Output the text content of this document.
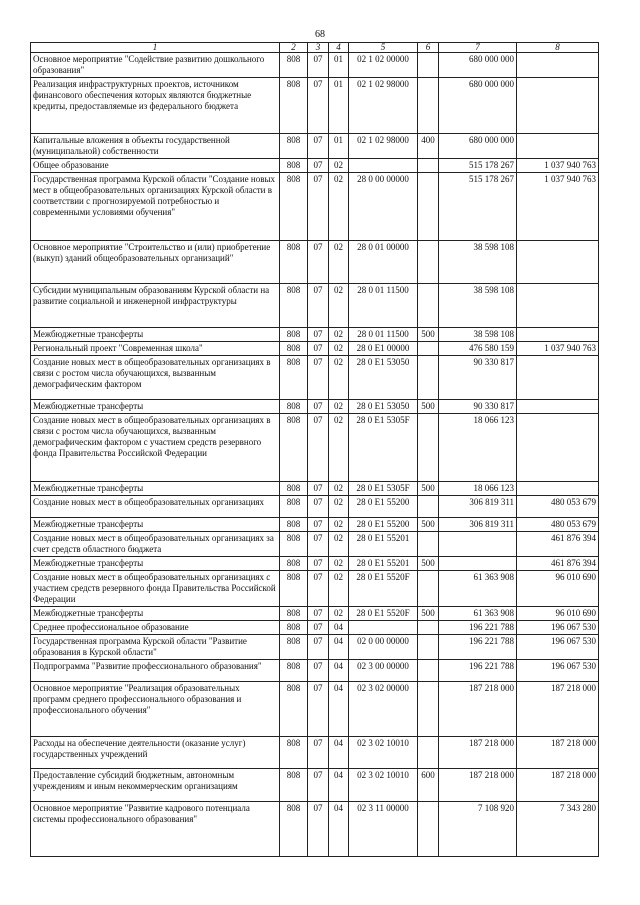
68
1	2	3	4	5	6	7	8
Основное мероприятие "Содействие развитию дошкольного образования"	808	07	01	02 1 02 00000		680 000 000	
Реализация инфраструктурных проектов, источником финансового обеспечения которых являются бюджетные кредиты, предоставляемые из федерального бюджета	808	07	01	02 1 02 98000		680 000 000	
Капитальные вложения в объекты государственной (муниципальной) собственности	808	07	01	02 1 02 98000	400	680 000 000	
Общее образование	808	07	02			515 178 267	1 037 940 763
Государственная программа Курской области "Создание новых мест в общеобразовательных организациях Курской области в соответствии с прогнозируемой потребностью и современными условиями обучения"	808	07	02	28 0 00 00000		515 178 267	1 037 940 763
Основное мероприятие "Строительство и (или) приобретение (выкуп) зданий общеобразовательных организаций"	808	07	02	28 0 01 00000		38 598 108	
Субсидии муниципальным образованиям Курской области на развитие социальной и инженерной инфраструктуры	808	07	02	28 0 01 11500		38 598 108	
Межбюджетные трансферты	808	07	02	28 0 01 11500	500	38 598 108	
Региональный проект "Современная школа"	808	07	02	28 0 E1 00000		476 580 159	1 037 940 763
Создание новых мест в общеобразовательных организациях в связи с ростом числа обучающихся, вызванным демографическим фактором	808	07	02	28 0 E1 53050		90 330 817	
Межбюджетные трансферты	808	07	02	28 0 E1 53050	500	90 330 817	
Создание новых мест в общеобразовательных организациях в связи с ростом числа обучающихся, вызванным демографическим фактором с участием средств резервного фонда Правительства Российской Федерации	808	07	02	28 0 E1 5305F		18 066 123	
Межбюджетные трансферты	808	07	02	28 0 E1 5305F	500	18 066 123	
Создание новых мест в общеобразовательных организациях	808	07	02	28 0 E1 55200		306 819 311	480 053 679
Межбюджетные трансферты	808	07	02	28 0 E1 55200	500	306 819 311	480 053 679
Создание новых мест в общеобразовательных организациях за счет средств областного бюджета	808	07	02	28 0 E1 55201			461 876 394
Межбюджетные трансферты	808	07	02	28 0 E1 55201	500		461 876 394
Создание новых мест в общеобразовательных организациях с участием средств резервного фонда Правительства Российской Федерации	808	07	02	28 0 E1 5520F		61 363 908	96 010 690
Межбюджетные трансферты	808	07	02	28 0 E1 5520F	500	61 363 908	96 010 690
Среднее профессиональное образование	808	07	04			196 221 788	196 067 530
Государственная программа Курской области "Развитие образования в Курской области"	808	07	04	02 0 00 00000		196 221 788	196 067 530
Подпрограмма "Развитие профессионального образования"	808	07	04	02 3 00 00000		196 221 788	196 067 530
Основное мероприятие "Реализация образовательных программ среднего профессионального образования и профессионального обучения"	808	07	04	02 3 02 00000		187 218 000	187 218 000
Расходы на обеспечение деятельности (оказание услуг) государственных учреждений	808	07	04	02 3 02 10010		187 218 000	187 218 000
Предоставление субсидий бюджетным, автономным учреждениям и иным некоммерческим организациям	808	07	04	02 3 02 10010	600	187 218 000	187 218 000
Основное мероприятие "Развитие кадрового потенциала системы профессионального образования"	808	07	04	02 3 11 00000		7 108 920	7 343 280
